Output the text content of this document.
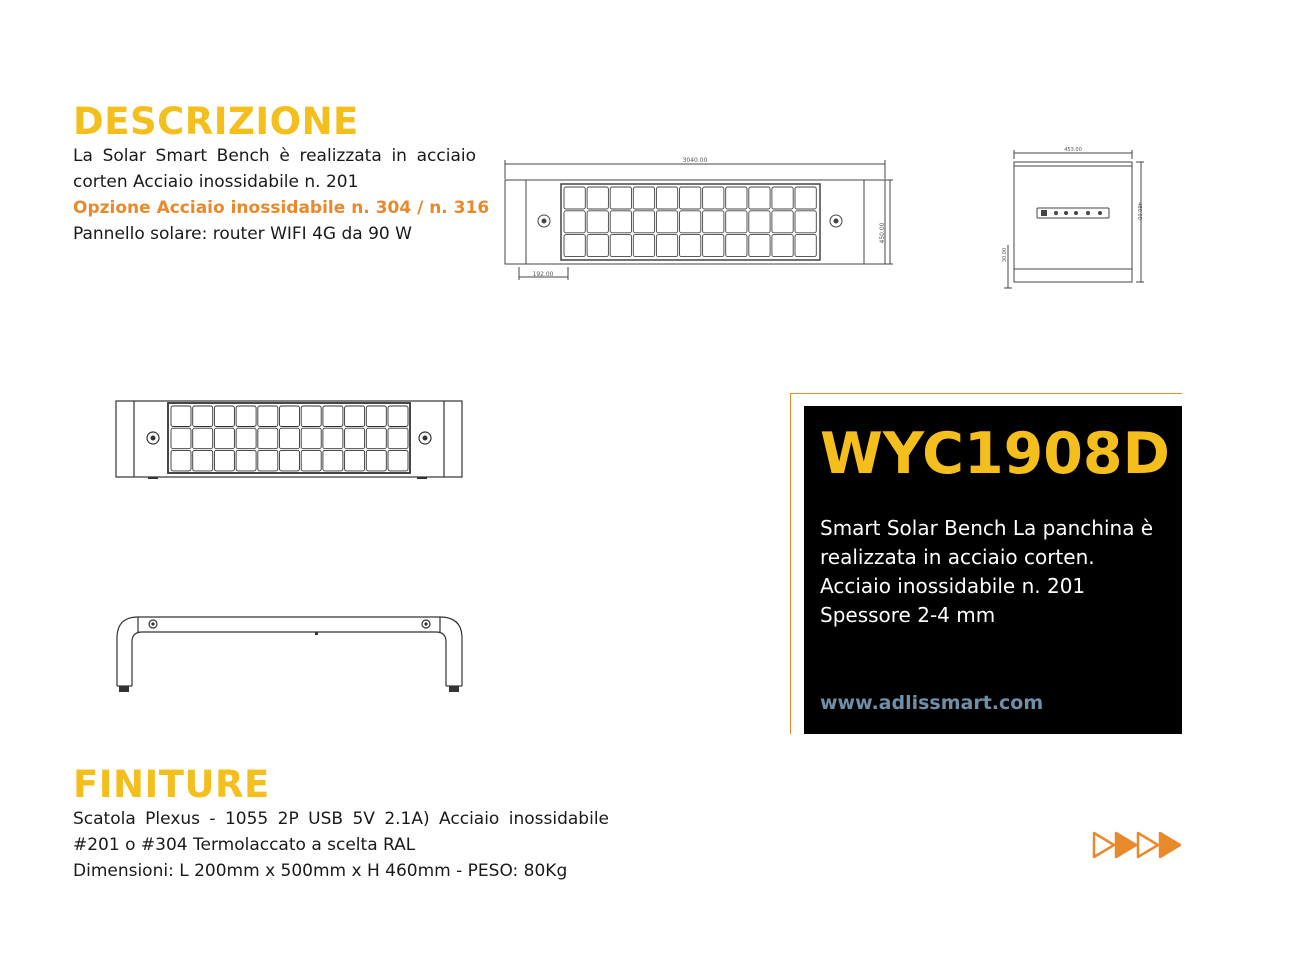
DESCRIZIONE
La Solar Smart Bench è realizzata in acciaio
corten Acciaio inossidabile n. 201
Opzione Acciaio inossidabile n. 304 / n. 316
Pannello solare: router WIFI 4G da 90 W
3040.00
192.00
450.00
453.00
460.00
30.00
WYC1908D
Smart Solar Bench La panchina è
realizzata in acciaio corten.
Acciaio inossidabile n. 201
Spessore 2-4 mm
www.adlissmart.com
FINITURE
Scatola Plexus - 1055 2P USB 5V 2.1A) Acciaio inossidabile
#201 o #304 Termolaccato a scelta RAL
Dimensioni: L 200mm x 500mm x H 460mm - PESO: 80Kg
